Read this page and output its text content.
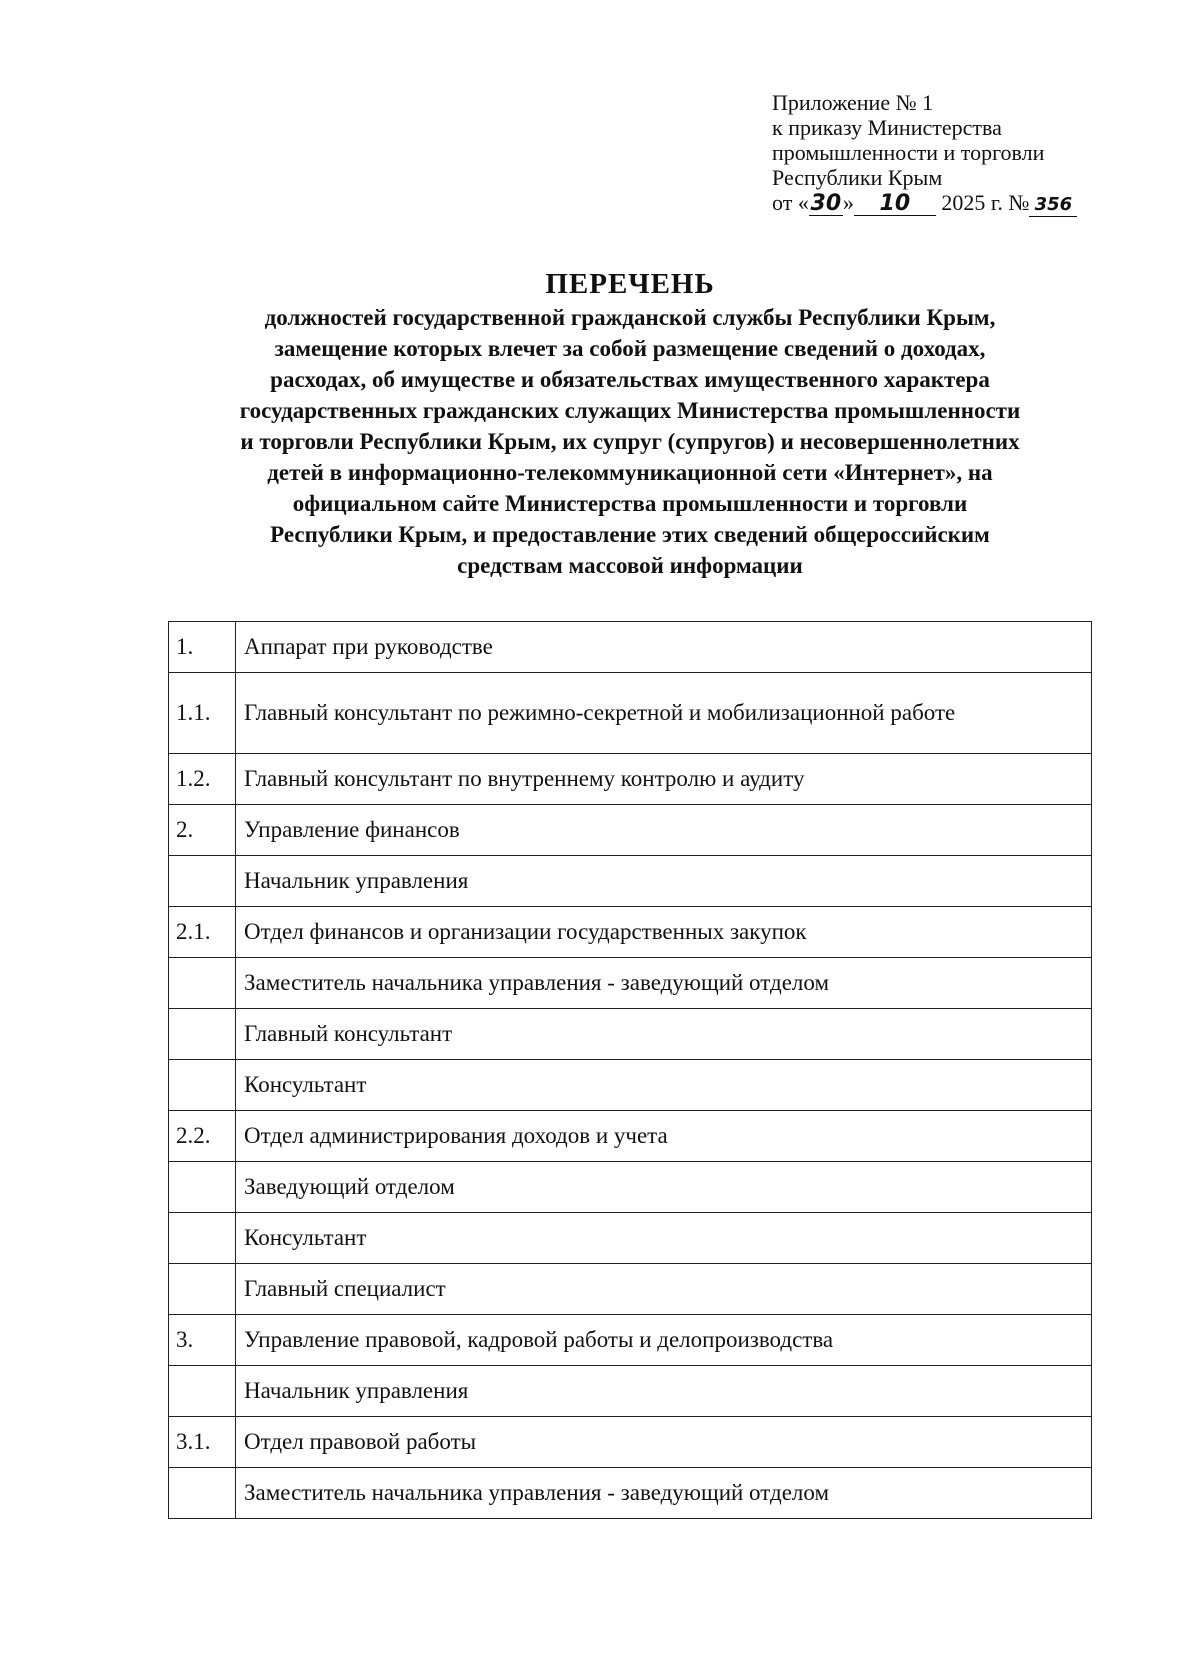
Приложение № 1
к приказу Министерства
промышленности и торговли
Республики Крым
от «30» 10 2025 г. № 356
ПЕРЕЧЕНЬ
должностей государственной гражданской службы Республики Крым,
замещение которых влечет за собой размещение сведений о доходах,
расходах, об имуществе и обязательствах имущественного характера
государственных гражданских служащих Министерства промышленности
и торговли Республики Крым, их супруг (супругов) и несовершеннолетних
детей в информационно-телекоммуникационной сети «Интернет», на
официальном сайте Министерства промышленности и торговли
Республики Крым, и предоставление этих сведений общероссийским
средствам массовой информации
1.	Аппарат при руководстве
1.1.	Главный консультант по режимно-секретной и мобилизационной работе
1.2.	Главный консультант по внутреннему контролю и аудиту
2.	Управление финансов
	Начальник управления
2.1.	Отдел финансов и организации государственных закупок
	Заместитель начальника управления - заведующий отделом
	Главный консультант
	Консультант
2.2.	Отдел администрирования доходов и учета
	Заведующий отделом
	Консультант
	Главный специалист
3.	Управление правовой, кадровой работы и делопроизводства
	Начальник управления
3.1.	Отдел правовой работы
	Заместитель начальника управления - заведующий отделом
